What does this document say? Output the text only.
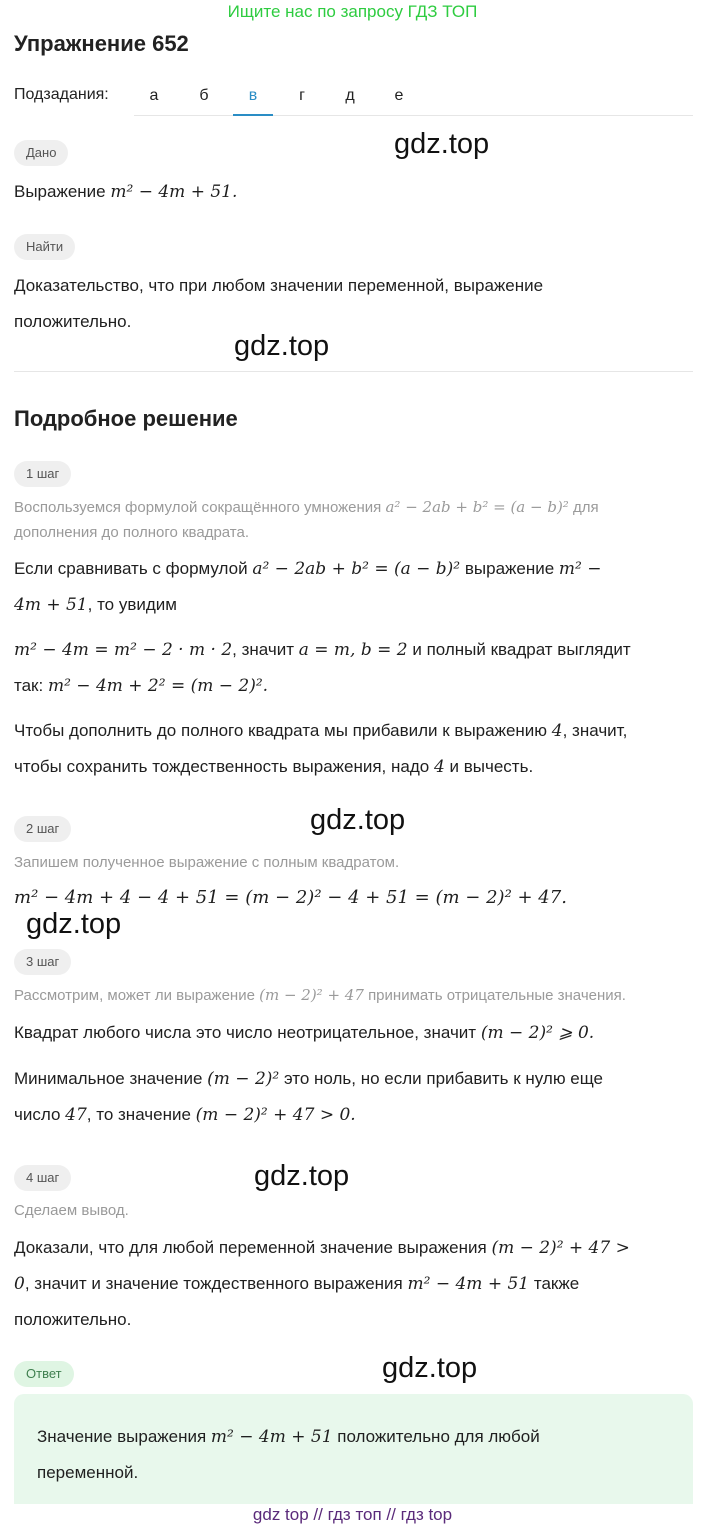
Ищите нас по запросу ГДЗ ТОП
Упражнение 652
Подзадания:	а	б	в	г	д	е
Дано	gdz.top
Выражение m² − 4m + 51.
Найти
Доказательство, что при любом значении переменной, выражение
положительно.
gdz.top
Подробное решение
1 шаг
Воспользуемся формулой сокращённого умножения a² − 2ab + b² = (a − b)² для
дополнения до полного квадрата.
Если сравнивать с формулой a² − 2ab + b² = (a − b)² выражение m² −
4m + 51, то увидим
m² − 4m = m² − 2 · m · 2, значит a = m, b = 2 и полный квадрат выглядит
так: m² − 4m + 2² = (m − 2)².
Чтобы дополнить до полного квадрата мы прибавили к выражению 4, значит,
чтобы сохранить тождественность выражения, надо 4 и вычесть.
2 шаг	gdz.top
Запишем полученное выражение с полным квадратом.
m² − 4m + 4 − 4 + 51 = (m − 2)² − 4 + 51 = (m − 2)² + 47.
gdz.top
3 шаг
Рассмотрим, может ли выражение (m − 2)² + 47 принимать отрицательные значения.
Квадрат любого числа это число неотрицательное, значит (m − 2)² ⩾ 0.
Минимальное значение (m − 2)² это ноль, но если прибавить к нулю еще
число 47, то значение (m − 2)² + 47 > 0.
4 шаг	gdz.top
Сделаем вывод.
Доказали, что для любой переменной значение выражения (m − 2)² + 47 >
0, значит и значение тождественного выражения m² − 4m + 51 также
положительно.
Ответ	gdz.top
Значение выражения m² − 4m + 51 положительно для любой
переменной.
gdz top // гдз топ // гдз top
